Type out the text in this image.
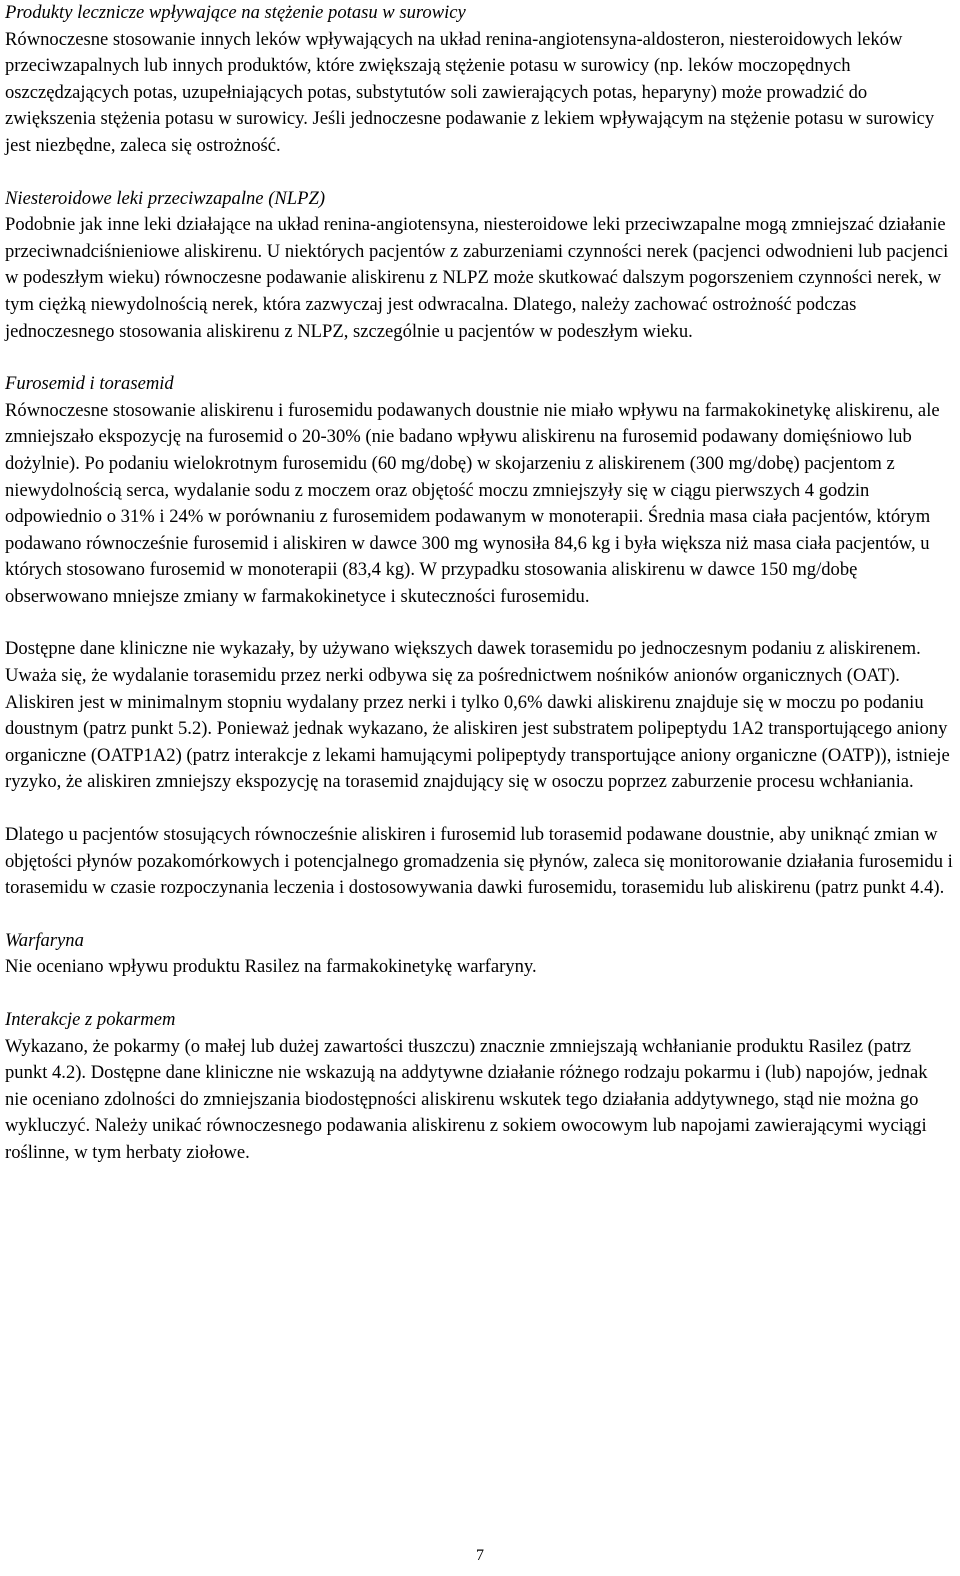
Produkty lecznicze wpływające na stężenie potasu w surowicy

Równoczesne stosowanie innych leków wpływających na układ renina-angiotensyna-aldosteron, niesteroidowych leków przeciwzapalnych lub innych produktów, które zwiększają stężenie potasu w surowicy (np. leków moczopędnych oszczędzających potas, uzupełniających potas, substytutów soli zawierających potas, heparyny) może prowadzić do zwiększenia stężenia potasu w surowicy. Jeśli jednoczesne podawanie z lekiem wpływającym na stężenie potasu w surowicy jest niezbędne, zaleca się ostrożność.

Niesteroidowe leki przeciwzapalne (NLPZ)

Podobnie jak inne leki działające na układ renina-angiotensyna, niesteroidowe leki przeciwzapalne mogą zmniejszać działanie przeciwnadciśnieniowe aliskirenu. U niektórych pacjentów z zaburzeniami czynności nerek (pacjenci odwodnieni lub pacjenci w podeszłym wieku) równoczesne podawanie aliskirenu z NLPZ może skutkować dalszym pogorszeniem czynności nerek, w tym ciężką niewydolnością nerek, która zazwyczaj jest odwracalna. Dlatego, należy zachować ostrożność podczas jednoczesnego stosowania aliskirenu z NLPZ, szczególnie u pacjentów w podeszłym wieku.

Furosemid i torasemid

Równoczesne stosowanie aliskirenu i furosemidu podawanych doustnie nie miało wpływu na farmakokinetykę aliskirenu, ale zmniejszało ekspozycję na furosemid o 20-30% (nie badano wpływu aliskirenu na furosemid podawany domięśniowo lub dożylnie). Po podaniu wielokrotnym furosemidu (60 mg/dobę) w skojarzeniu z aliskirenem (300 mg/dobę) pacjentom z niewydolnością serca, wydalanie sodu z moczem oraz objętość moczu zmniejszyły się w ciągu pierwszych 4 godzin odpowiednio o 31% i 24% w porównaniu z furosemidem podawanym w monoterapii. Średnia masa ciała pacjentów, którym podawano równocześnie furosemid i aliskiren w dawce 300 mg wynosiła 84,6 kg i była większa niż masa ciała pacjentów, u których stosowano furosemid w monoterapii (83,4 kg). W przypadku stosowania aliskirenu w dawce 150 mg/dobę obserwowano mniejsze zmiany w farmakokinetyce i skuteczności furosemidu.

Dostępne dane kliniczne nie wykazały, by używano większych dawek torasemidu po jednoczesnym podaniu z aliskirenem. Uważa się, że wydalanie torasemidu przez nerki odbywa się za pośrednictwem nośników anionów organicznych (OAT). Aliskiren jest w minimalnym stopniu wydalany przez nerki i tylko 0,6% dawki aliskirenu znajduje się w moczu po podaniu doustnym (patrz punkt 5.2). Ponieważ jednak wykazano, że aliskiren jest substratem polipeptydu 1A2 transportującego aniony organiczne (OATP1A2) (patrz interakcje z lekami hamującymi polipeptydy transportujące aniony organiczne (OATP)), istnieje ryzyko, że aliskiren zmniejszy ekspozycję na torasemid znajdujący się w osoczu poprzez zaburzenie procesu wchłaniania.

Dlatego u pacjentów stosujących równocześnie aliskiren i furosemid lub torasemid podawane doustnie, aby uniknąć zmian w objętości płynów pozakomórkowych i potencjalnego gromadzenia się płynów, zaleca się monitorowanie działania furosemidu i torasemidu w czasie rozpoczynania leczenia i dostosowywania dawki furosemidu, torasemidu lub aliskirenu (patrz punkt 4.4).

Warfaryna

Nie oceniano wpływu produktu Rasilez na farmakokinetykę warfaryny.

Interakcje z pokarmem

Wykazano, że pokarmy (o małej lub dużej zawartości tłuszczu) znacznie zmniejszają wchłanianie produktu Rasilez (patrz punkt 4.2). Dostępne dane kliniczne nie wskazują na addytywne działanie różnego rodzaju pokarmu i (lub) napojów, jednak nie oceniano zdolności do zmniejszania biodostępności aliskirenu wskutek tego działania addytywnego, stąd nie można go wykluczyć. Należy unikać równoczesnego podawania aliskirenu z sokiem owocowym lub napojami zawierającymi wyciągi roślinne, w tym herbaty ziołowe.

7
